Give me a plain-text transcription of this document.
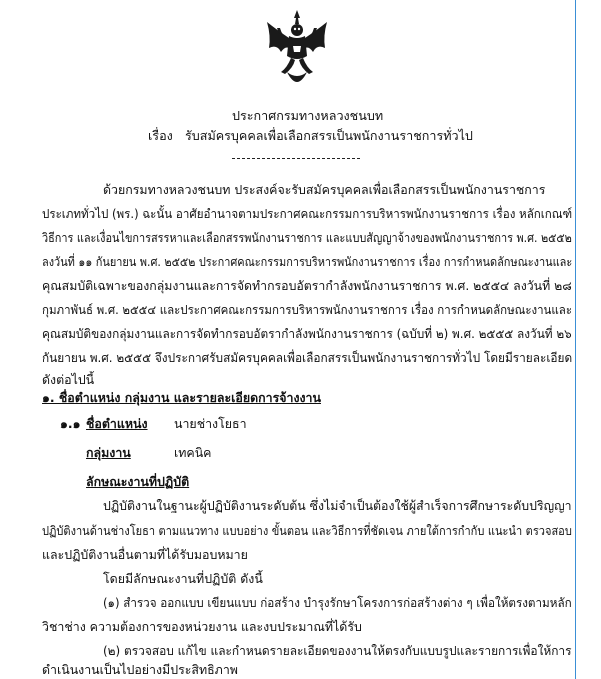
ประกาศกรมทางหลวงชนบท
เรื่อง รับสมัครบุคคลเพื่อเลือกสรรเป็นพนักงานราชการทั่วไป
ด้วยกรมทางหลวงชนบท ประสงค์จะรับสมัครบุคคลเพื่อเลือกสรรเป็นพนักงานราชการ
ประเภททั่วไป (พร.) ฉะนั้น อาศัยอำนาจตามประกาศคณะกรรมการบริหารพนักงานราชการ เรื่อง หลักเกณฑ์
วิธีการ และเงื่อนไขการสรรหาและเลือกสรรพนักงานราชการ และแบบสัญญาจ้างของพนักงานราชการ พ.ศ. ๒๕๕๒
ลงวันที่ ๑๑ กันยายน พ.ศ. ๒๕๕๒ ประกาศคณะกรรมการบริหารพนักงานราชการ เรื่อง การกำหนดลักษณะงานและ
คุณสมบัติเฉพาะของกลุ่มงานและการจัดทำกรอบอัตรากำลังพนักงานราชการ พ.ศ. ๒๕๕๔ ลงวันที่ ๒๘
กุมภาพันธ์ พ.ศ. ๒๕๕๔ และประกาศคณะกรรมการบริหารพนักงานราชการ เรื่อง การกำหนดลักษณะงานและ
คุณสมบัติของกลุ่มงานและการจัดทำกรอบอัตรากำลังพนักงานราชการ (ฉบับที่ ๒) พ.ศ. ๒๕๕๕ ลงวันที่ ๒๖
กันยายน พ.ศ. ๒๕๕๕ จึงประกาศรับสมัครบุคคลเพื่อเลือกสรรเป็นพนักงานราชการทั่วไป โดยมีรายละเอียด
ดังต่อไปนี้
๑. ชื่อตำแหน่ง กลุ่มงาน และรายละเอียดการจ้างงาน
๑.๑ ชื่อตำแหน่ง นายช่างโยธา
กลุ่มงาน	เทคนิค
ลักษณะงานที่ปฏิบัติ
ปฏิบัติงานในฐานะผู้ปฏิบัติงานระดับต้น ซึ่งไม่จำเป็นต้องใช้ผู้สำเร็จการศึกษาระดับปริญญา
ปฏิบัติงานด้านช่างโยธา ตามแนวทาง แบบอย่าง ขั้นตอน และวิธีการที่ชัดเจน ภายใต้การกำกับ แนะนำ ตรวจสอบ
และปฏิบัติงานอื่นตามที่ได้รับมอบหมาย
โดยมีลักษณะงานที่ปฏิบัติ ดังนี้
(๑) สำรวจ ออกแบบ เขียนแบบ ก่อสร้าง บำรุงรักษาโครงการก่อสร้างต่าง ๆ เพื่อให้ตรงตามหลัก
วิชาช่าง ความต้องการของหน่วยงาน และงบประมาณที่ได้รับ
(๒) ตรวจสอบ แก้ไข และกำหนดรายละเอียดของงานให้ตรงกับแบบรูปและรายการเพื่อให้การ
ดำเนินงานเป็นไปอย่างมีประสิทธิภาพ
